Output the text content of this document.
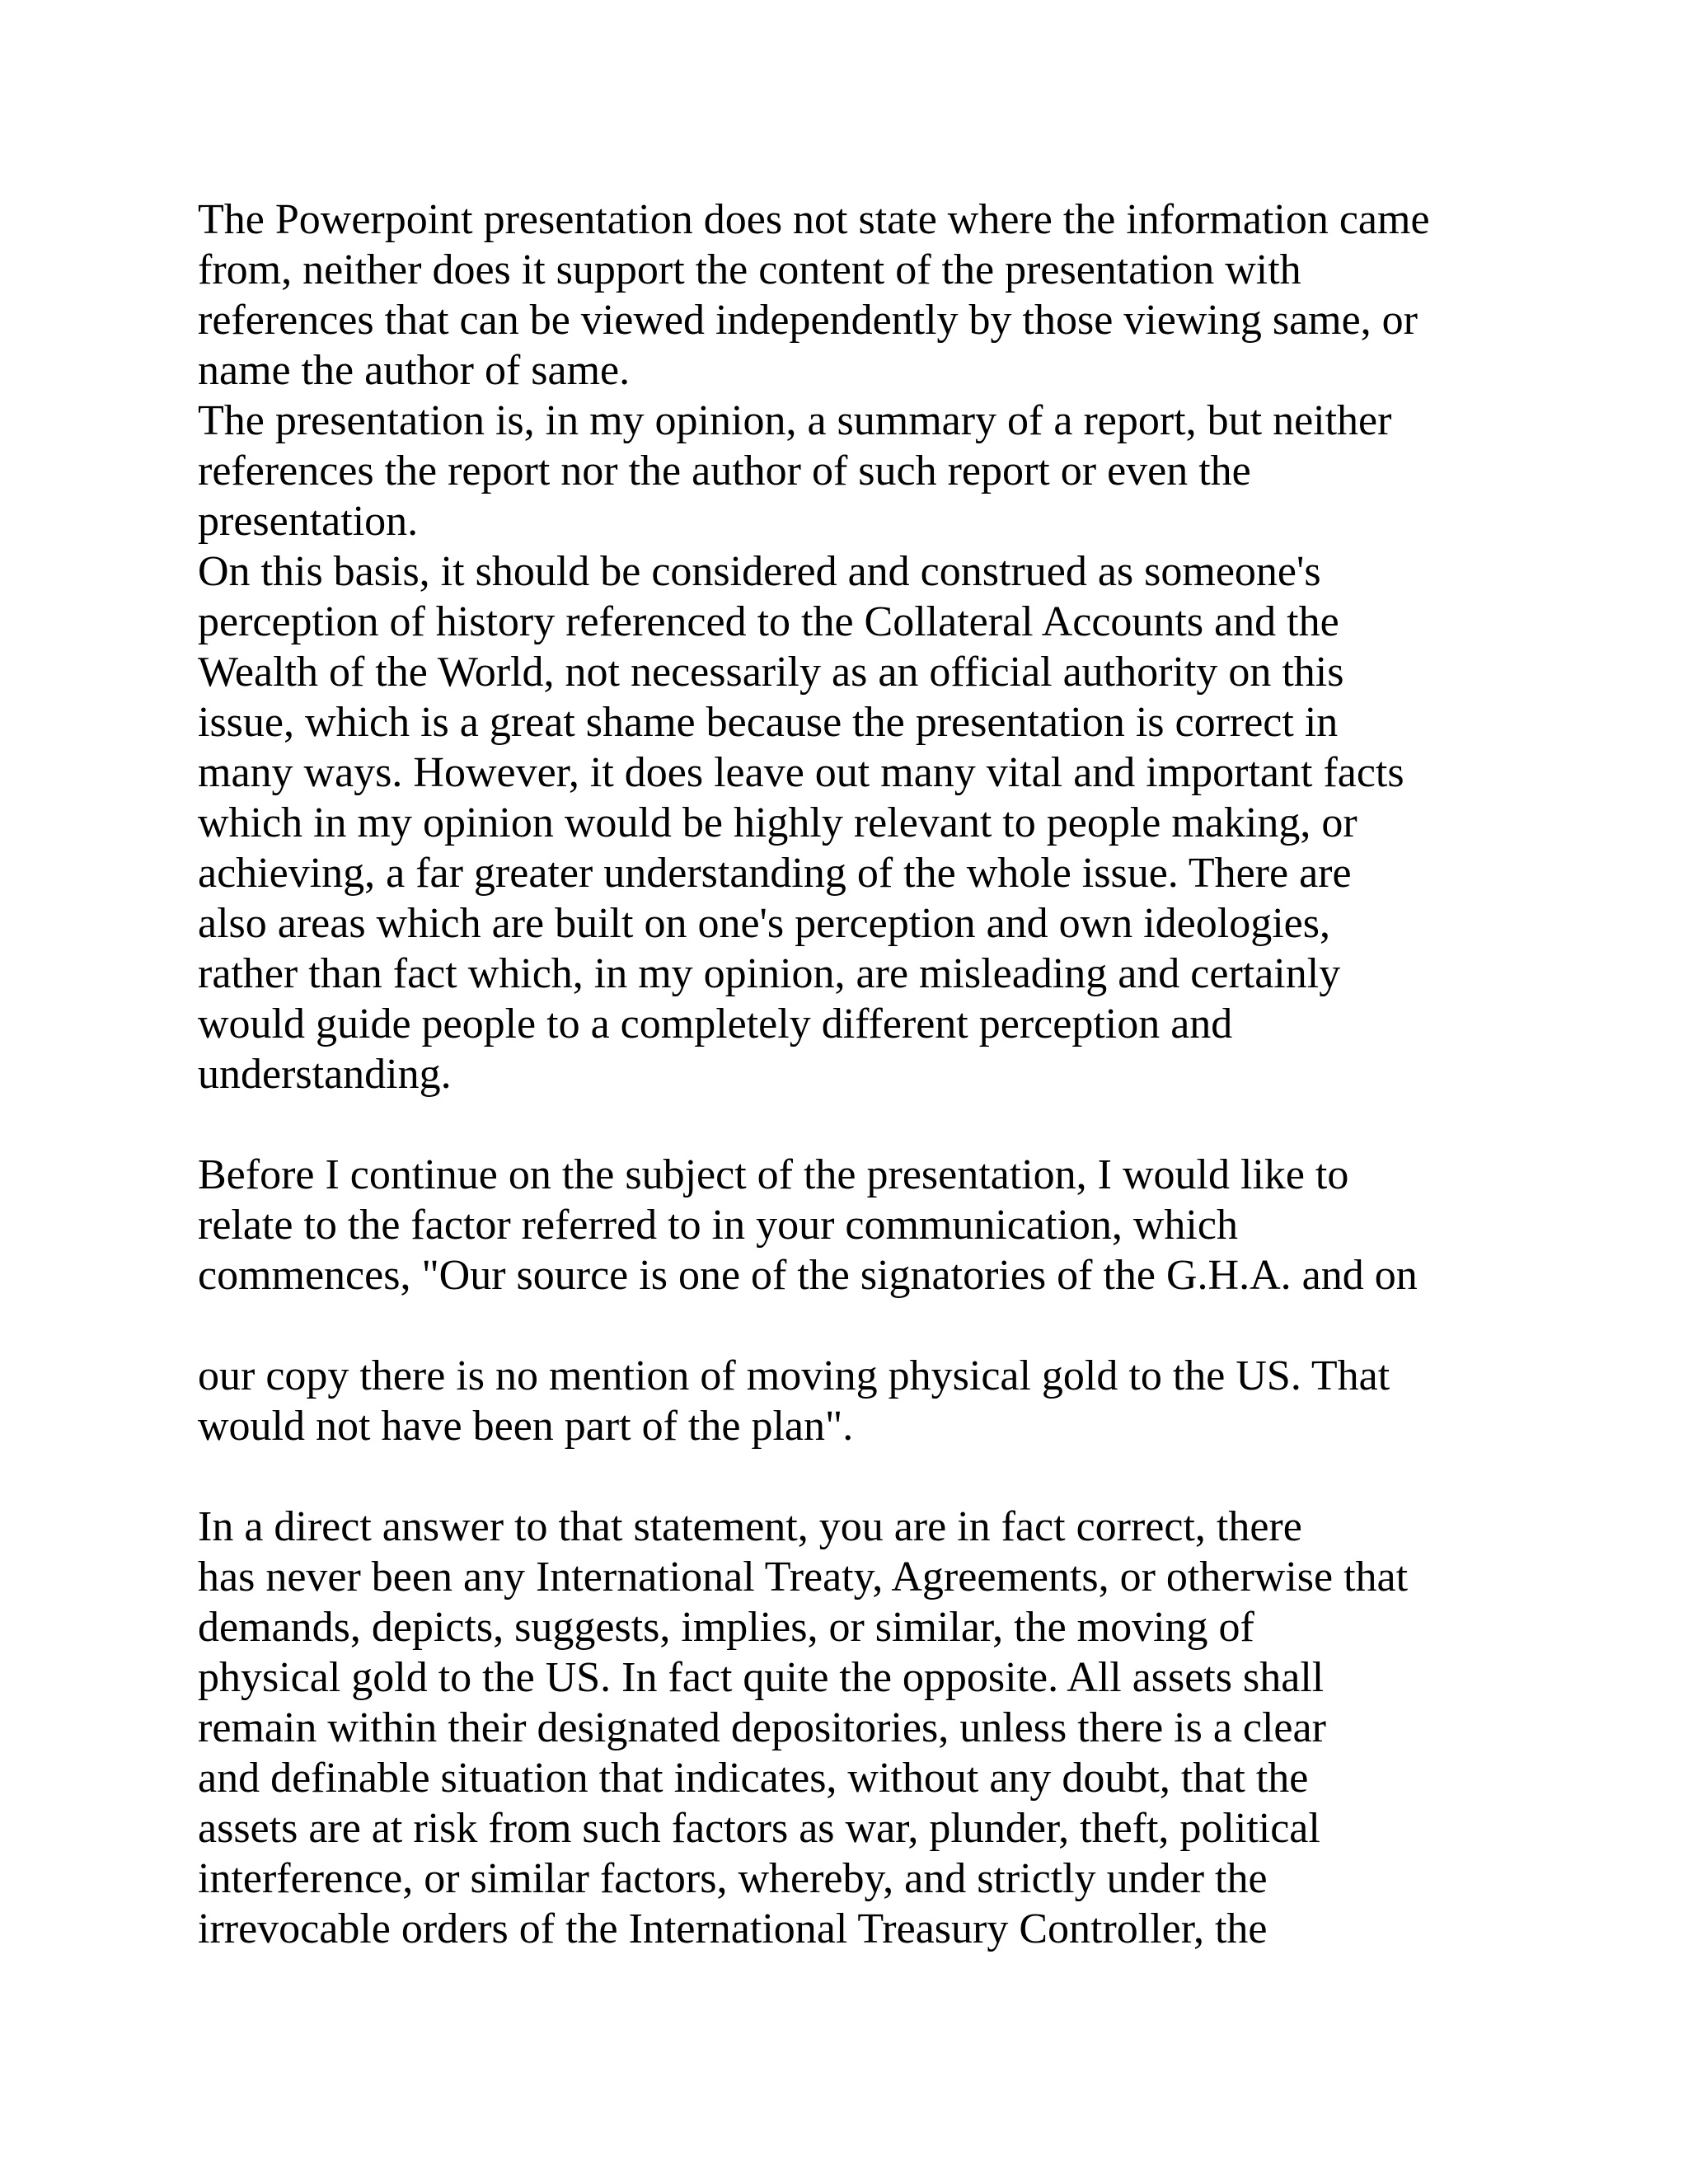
The Powerpoint presentation does not state where the information came
from, neither does it support the content of the presentation with
references that can be viewed independently by those viewing same, or
name the author of same.
The presentation is, in my opinion, a summary of a report, but neither
references the report nor the author of such report or even the
presentation.
On this basis, it should be considered and construed as someone's
perception of history referenced to the Collateral Accounts and the
Wealth of the World, not necessarily as an official authority on this
issue, which is a great shame because the presentation is correct in
many ways. However, it does leave out many vital and important facts
which in my opinion would be highly relevant to people making, or
achieving, a far greater understanding of the whole issue. There are
also areas which are built on one's perception and own ideologies,
rather than fact which, in my opinion, are misleading and certainly
would guide people to a completely different perception and
understanding.
Before I continue on the subject of the presentation, I would like to
relate to the factor referred to in your communication, which
commences, "Our source is one of the signatories of the G.H.A. and on
our copy there is no mention of moving physical gold to the US. That
would not have been part of the plan".
In a direct answer to that statement, you are in fact correct, there
has never been any International Treaty, Agreements, or otherwise that
demands, depicts, suggests, implies, or similar, the moving of
physical gold to the US. In fact quite the opposite. All assets shall
remain within their designated depositories, unless there is a clear
and definable situation that indicates, without any doubt, that the
assets are at risk from such factors as war, plunder, theft, political
interference, or similar factors, whereby, and strictly under the
irrevocable orders of the International Treasury Controller, the
